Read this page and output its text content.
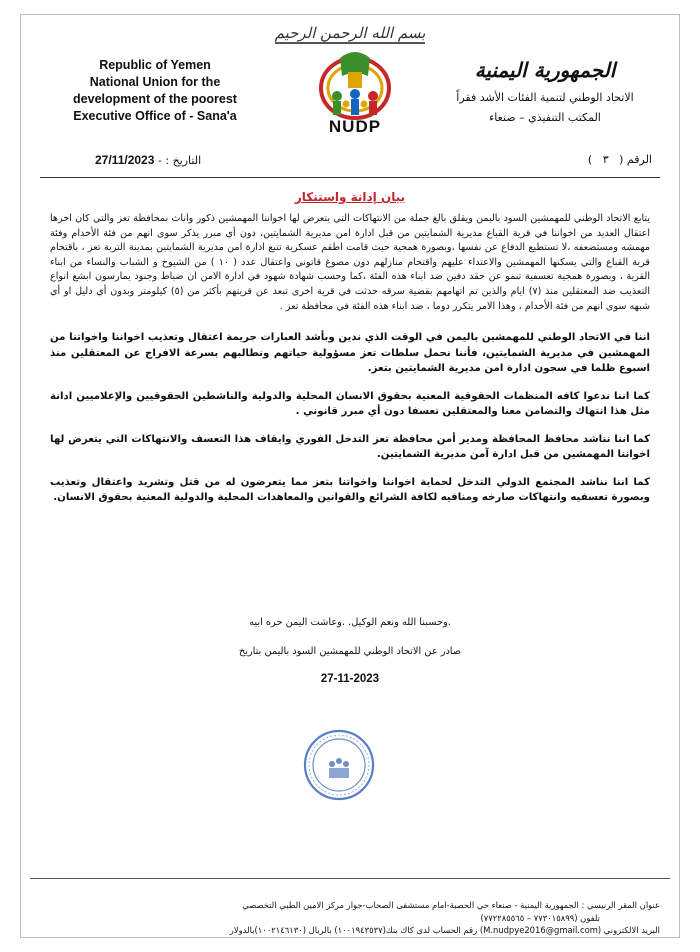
بسم الله الرحمن الرحيم
Republic of Yemen
National Union for the
development of the poorest
Executive Office of - Sana'a
NUDP
الجمهورية اليمنية
الاتحاد الوطني لتنمية الفئات الأشد فقراً
المكتب التنفيذي – صنعاء
التاريخ : - 27/11/2023	الرقم (   ٣   )
بيان إدانة واستنكار

يتابع الاتحاد الوطني للمهمشين السود باليمن ويقلق بالغ جملة من الانتهاكات التي يتعرض لها اخواننا المهمشين ذكور واناث بمحافظة تعز والتي كان اخرها اعتقال العديد من اخواننا في قرية القباع مديرية الشمايتين من قبل ادارة امن مديرية الشمايتين، دون أي مبرر يذكر سوى انهم من فئة الأخدام وفئة مهمشه ومستضعفه ،لا تستطيع الدفاع عن نفسها ،وبصورة همجية حيث قامت اطقم عسكرية تتبع ادارة امن مديرية الشمايتين بمدينة التربة تعز ، باقتحام قرية القباع والتي يسكنها المهمشين والاعتداء عليهم واقتحام منازلهم دون مصوغ قانوني واعتقال عدد ( ١٠ ) من الشيوخ و الشباب والنساء من ابناء القرية ، وبصورة همجية تعسفية تنمو عن حقد دفين ضد ابناء هذه الفئة ،كما وحسب شهادة شهود في ادارة الامن ان ضباط وجنود يمارسون ابشع انواع التعذيب ضد المعتقلين منذ (٧) ايام والذين تم اتهامهم بقضية سرقه حدثت في قرية اخرى تبعد عن قريتهم بأكثر من (٥) كيلومتر وبدون أي دليل او أي شبهه سوى انهم من فئة الأخدام ، وهذا الامر يتكرر دوما ، ضد ابناء هذه الفئة في محافظة تعز .

اننا في الاتحاد الوطني للمهمشين باليمن في الوقت الذي ندين وبأشد العبارات جريمة اعتقال وتعذيب اخواننا واخواتنا من المهمشين في مديرية الشمايتين، فأننا نحمل سلطات تعز مسؤولية حياتهم ونطالبهم بسرعة الافراج عن المعتقلين منذ اسبوع ظلما في سجون ادارة امن مديرية الشمايتين بتعز.

كما اننا ندعوا كافه المنظمات الحقوقية المعنية بحقوق الانسان المحلية والدولية والناشطين الحقوقيين والإعلاميين ادانة مثل هذا انتهاك والتضامن معنا والمعتقلين تعسفا دون أي مبرر قانوني .

كما اننا نناشد محافظ المحافظة ومدير أمن محافظة تعز التدخل الفوري وايقاف هذا التعسف والانتهاكات التي يتعرض لها اخواننا المهمشين من قبل ادارة آمن مديرية الشمايتين.

كما اننا نناشد المجتمع الدولي التدخل لحماية اخواننا واخواتنا بتعز مما يتعرضون له من قتل وتشريد واعتقال وتعذيب وبصورة تعسفيه وانتهاكات صارخه ومنافيه لكافة الشرائع والقوانين والمعاهدات المحلية والدولية المعنية بحقوق الانسان.

.وحسبنا الله ونعم الوكيل. .وعاشت اليمن حره ابيه
صادر عن الاتحاد الوطني للمهمشين السود باليمن بتاريخ
27-11-2023
عنوان المقر الرنيسي : الجمهورية اليمنية - صنعاء حي الحصبة-امام مستشفى الصحاب-جوار مركز الامين الطبي التخصصي
تلفون (٧٧٣٠١٥٨٩٩ – ٧٧٢٢٨٥٥٦٥)
البريد الالكتروني (M.nudpye2016@gmail.com) رقم الحساب لدى كاك بنك(١٠٠١٩٤٣٥٣٧) بالريال (١٠٠٢١٤٦١٣٠)بالدولار
